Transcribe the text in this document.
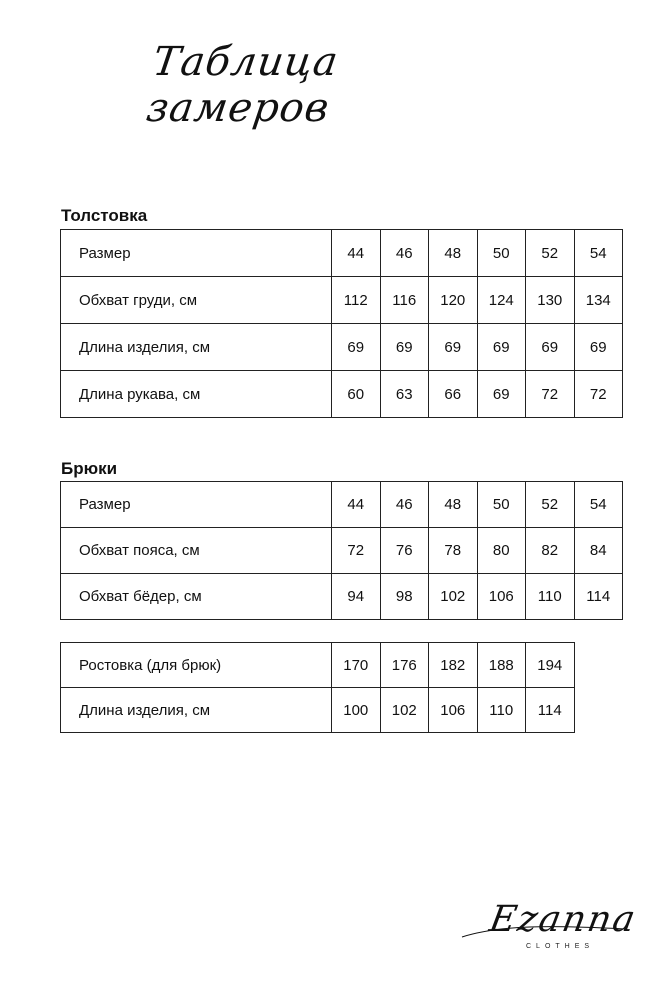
Таблица замеров
Толстовка
Размер	44	46	48	50	52	54
Обхват груди, см	112	116	120	124	130	134
Длина изделия, см	69	69	69	69	69	69
Длина рукава, см	60	63	66	69	72	72
Брюки
Размер	44	46	48	50	52	54
Обхват пояса, см	72	76	78	80	82	84
Обхват бёдер, см	94	98	102	106	110	114
Ростовка (для брюк)	170	176	182	188	194
Длина изделия, см	100	102	106	110	114
Ezanna
CLOTHES
